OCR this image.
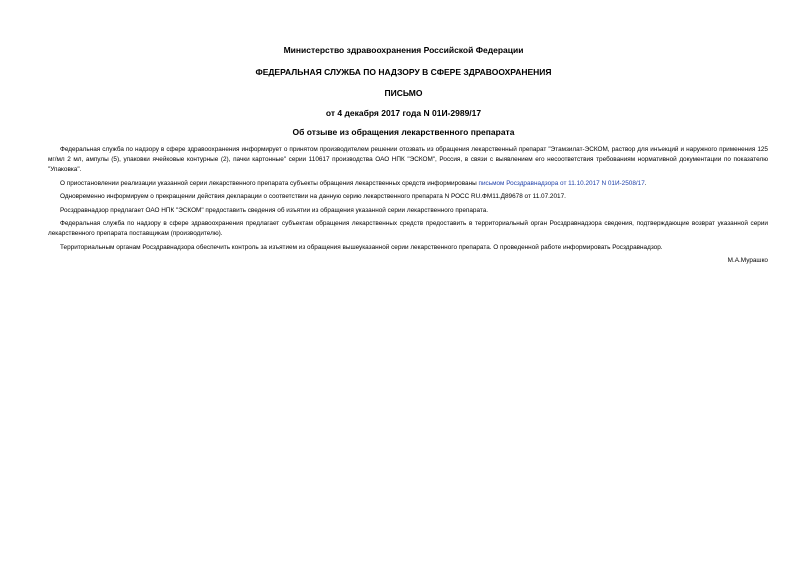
Министерство здравоохранения Российской Федерации
ФЕДЕРАЛЬНАЯ СЛУЖБА ПО НАДЗОРУ В СФЕРЕ ЗДРАВООХРАНЕНИЯ
ПИСЬМО
от 4 декабря 2017 года N 01И-2989/17
Об отзыве из обращения лекарственного препарата

Федеральная служба по надзору в сфере здравоохранения информирует о принятом производителем решении отозвать из обращения лекарственный препарат "Этамзилат-ЭСКОМ, раствор для инъекций и наружного применения 125 мг/мл 2 мл, ампулы (5), упаковки ячейковые контурные (2), пачки картонные" серии 110617 производства ОАО НПК "ЭСКОМ", Россия, в связи с выявлением его несоответствия требованиям нормативной документации по показателю "Упаковка".

О приостановлении реализации указанной серии лекарственного препарата субъекты обращения лекарственных средств информированы письмом Росздравнадзора от 11.10.2017 N 01И-2508/17.

Одновременно информируем о прекращении действия декларации о соответствии на данную серию лекарственного препарата N РОСС RU.ФМ11.Д89678 от 11.07.2017.

Росздравнадзор предлагает ОАО НПК "ЭСКОМ" предоставить сведения об изъятии из обращения указанной серии лекарственного препарата.

Федеральная служба по надзору в сфере здравоохранения предлагает субъектам обращения лекарственных средств предоставить в территориальный орган Росздравнадзора сведения, подтверждающие возврат указанной серии лекарственного препарата поставщикам (производителю).

Территориальным органам Росздравнадзора обеспечить контроль за изъятием из обращения вышеуказанной серии лекарственного препарата. О проведенной работе информировать Росздравнадзор.

М.А.Мурашко
